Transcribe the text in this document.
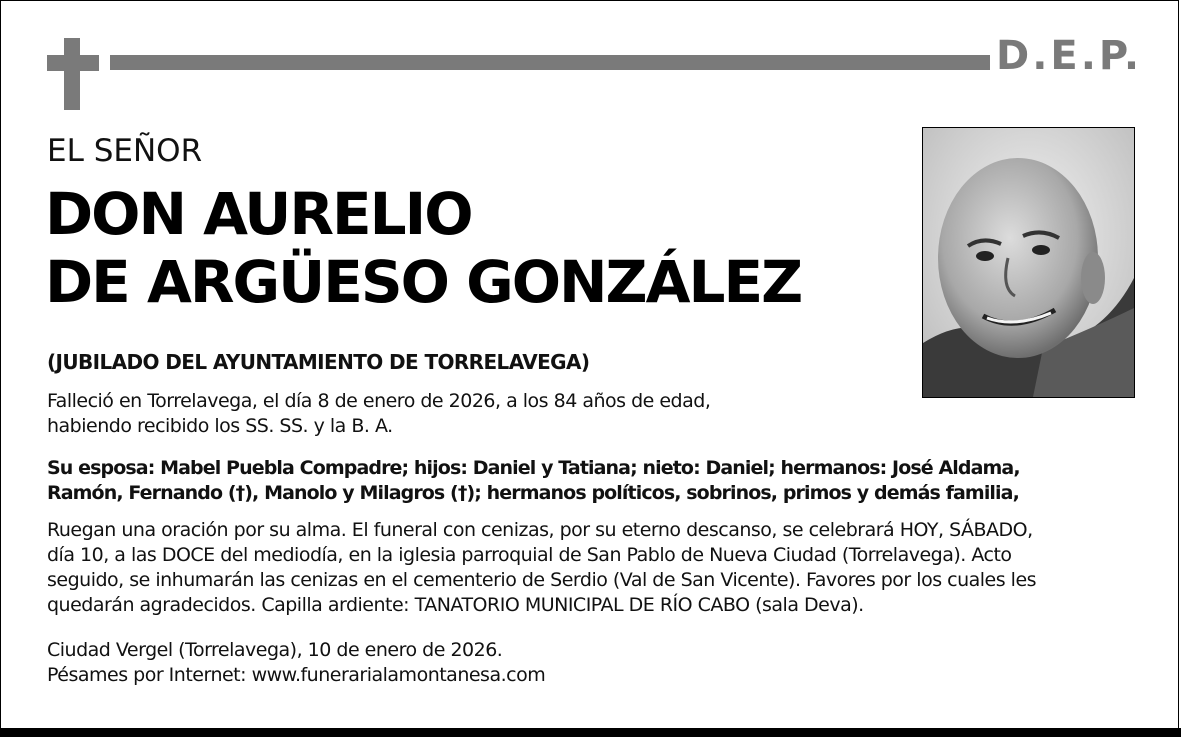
D.E.P.
EL SEÑOR
DON AURELIO
DE ARGÜESO GONZÁLEZ
(JUBILADO DEL AYUNTAMIENTO DE TORRELAVEGA)
Falleció en Torrelavega, el día 8 de enero de 2026, a los 84 años de edad,
habiendo recibido los SS. SS. y la B. A.
Su esposa: Mabel Puebla Compadre; hijos: Daniel y Tatiana; nieto: Daniel; hermanos: José Aldama,
Ramón, Fernando (†), Manolo y Milagros (†); hermanos políticos, sobrinos, primos y demás familia,
Ruegan una oración por su alma. El funeral con cenizas, por su eterno descanso, se celebrará HOY, SÁBADO,
día 10, a las DOCE del mediodía, en la iglesia parroquial de San Pablo de Nueva Ciudad (Torrelavega). Acto
seguido, se inhumarán las cenizas en el cementerio de Serdio (Val de San Vicente). Favores por los cuales les
quedarán agradecidos. Capilla ardiente: TANATORIO MUNICIPAL DE RÍO CABO (sala Deva).
Ciudad Vergel (Torrelavega), 10 de enero de 2026.
Pésames por Internet: www.funerarialamontanesa.com
